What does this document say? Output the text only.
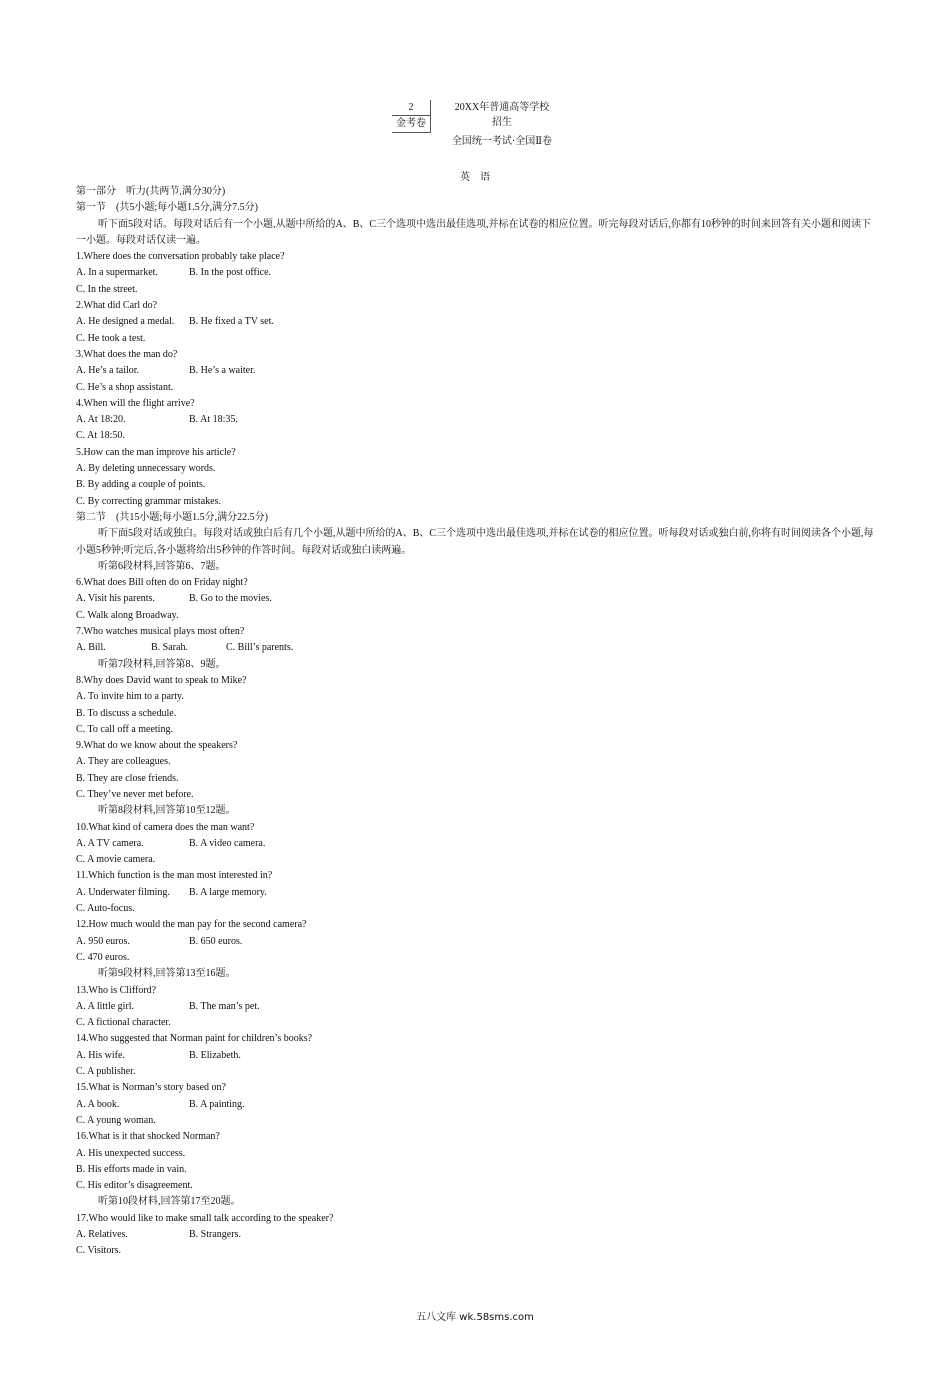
2
金考卷
20XX年普通高等学校
招生
全国统一考试·全国Ⅱ卷
英　语
第一部分　听力(共两节,满分30分)
第一节　(共5小题;每小题1.5分,满分7.5分)
听下面5段对话。每段对话后有一个小题,从题中所给的A、B、C三个选项中选出最佳选项,并标在试卷的相应位置。听完每段对话后,你都有10秒钟的时间来回答有关小题和阅读下一小题。每段对话仅读一遍。
1.Where does the conversation probably take place?
A. In a supermarket.	B. In the post office.
C. In the street.
2.What did Carl do?
A. He designed a medal. B. He fixed a TV set.
C. He took a test.
3.What does the man do?
A. He’s a tailor.	B. He’s a waiter.
C. He’s a shop assistant.
4.When will the flight arrive?
A. At 18:20.	B. At 18:35.
C. At 18:50.
5.How can the man improve his article?
A. By deleting unnecessary words.
B. By adding a couple of points.
C. By correcting grammar mistakes.
第二节　(共15小题;每小题1.5分,满分22.5分)
听下面5段对话或独白。每段对话或独白后有几个小题,从题中所给的A、B、C三个选项中选出最佳选项,并标在试卷的相应位置。听每段对话或独白前,你将有时间阅读各个小题,每小题5秒钟;听完后,各小题将给出5秒钟的作答时间。每段对话或独白读两遍。
听第6段材料,回答第6、7题。
6.What does Bill often do on Friday night?
A. Visit his parents.	B. Go to the movies.
C. Walk along Broadway.
7.Who watches musical plays most often?
A. Bill.	B. Sarah.	C. Bill’s parents.
听第7段材料,回答第8、9题。
8.Why does David want to speak to Mike?
A. To invite him to a party.
B. To discuss a schedule.
C. To call off a meeting.
9.What do we know about the speakers?
A. They are colleagues.
B. They are close friends.
C. They’ve never met before.
听第8段材料,回答第10至12题。
10.What kind of camera does the man want?
A. A TV camera.	B. A video camera.
C. A movie camera.
11.Which function is the man most interested in?
A. Underwater filming. B. A large memory.
C. Auto-focus.
12.How much would the man pay for the second camera?
A. 950 euros.	B. 650 euros.
C. 470 euros.
听第9段材料,回答第13至16题。
13.Who is Clifford?
A. A little girl.	B. The man’s pet.
C. A fictional character.
14.Who suggested that Norman paint for children’s books?
A. His wife.	B. Elizabeth.
C. A publisher.
15.What is Norman’s story based on?
A. A book.	B. A painting.
C. A young woman.
16.What is it that shocked Norman?
A. His unexpected success.
B. His efforts made in vain.
C. His editor’s disagreement.
听第10段材料,回答第17至20题。
17.Who would like to make small talk according to the speaker?
A. Relatives.	B. Strangers.
C. Visitors.
五八文库 wk.58sms.com
